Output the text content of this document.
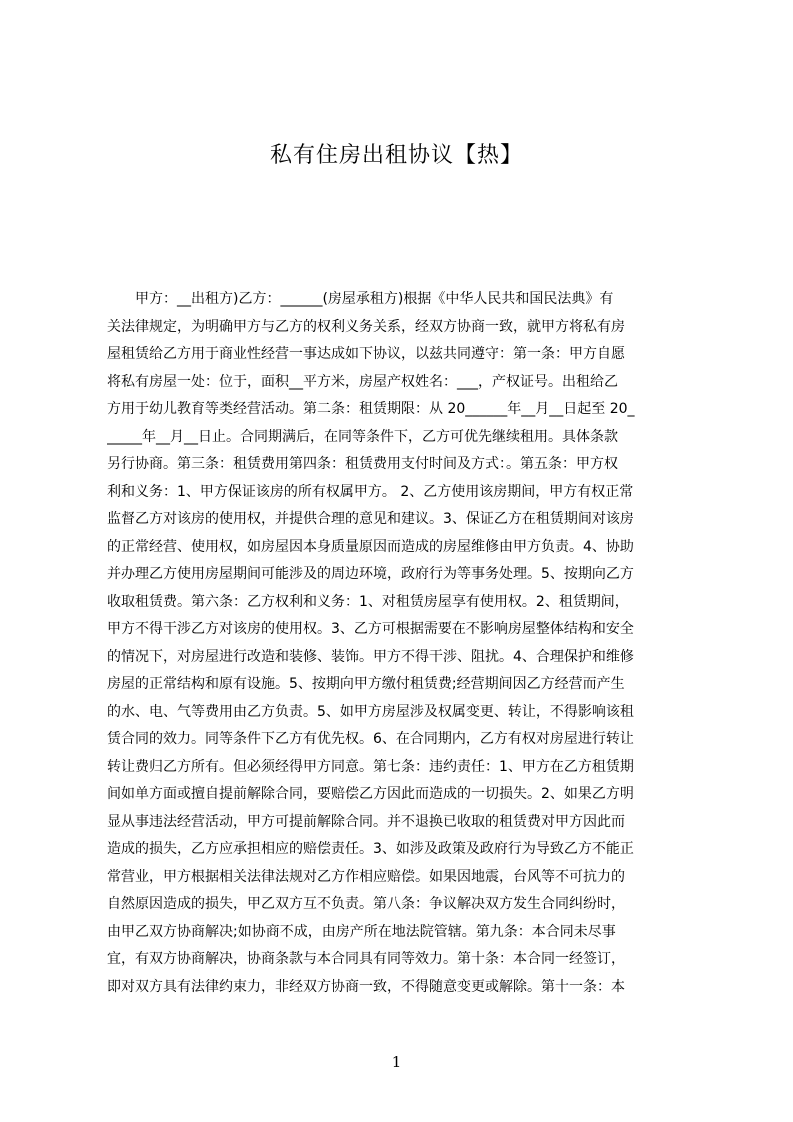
私有住房出租协议【热】
　　甲方：__出租方)乙方：______(房屋承租方)根据《中华人民共和国民法典》有
关法律规定，为明确甲方与乙方的权利义务关系，经双方协商一致，就甲方将私有房
屋租赁给乙方用于商业性经营一事达成如下协议，以兹共同遵守：第一条：甲方自愿
将私有房屋一处：位于，面积__平方米，房屋产权姓名：___，产权证号。出租给乙
方用于幼儿教育等类经营活动。第二条：租赁期限：从 20______年__月__日起至 20_
_____年__月__日止。合同期满后，在同等条件下，乙方可优先继续租用。具体条款
另行协商。第三条：租赁费用第四条：租赁费用支付时间及方式：。第五条：甲方权
利和义务：1、甲方保证该房的所有权属甲方。 2、乙方使用该房期间，甲方有权正常
监督乙方对该房的使用权，并提供合理的意见和建议。3、保证乙方在租赁期间对该房
的正常经营、使用权，如房屋因本身质量原因而造成的房屋维修由甲方负责。4、协助
并办理乙方使用房屋期间可能涉及的周边环境，政府行为等事务处理。5、按期向乙方
收取租赁费。第六条：乙方权利和义务：1、对租赁房屋享有使用权。2、租赁期间，
甲方不得干涉乙方对该房的使用权。3、乙方可根据需要在不影响房屋整体结构和安全
的情况下，对房屋进行改造和装修、装饰。甲方不得干涉、阻扰。4、合理保护和维修
房屋的正常结构和原有设施。5、按期向甲方缴付租赁费;经营期间因乙方经营而产生
的水、电、气等费用由乙方负责。5、如甲方房屋涉及权属变更、转让，不得影响该租
赁合同的效力。同等条件下乙方有优先权。6、在合同期内，乙方有权对房屋进行转让
转让费归乙方所有。但必须经得甲方同意。第七条：违约责任：1、甲方在乙方租赁期
间如单方面或擅自提前解除合同，要赔偿乙方因此而造成的一切损失。2、如果乙方明
显从事违法经营活动，甲方可提前解除合同。并不退换已收取的租赁费对甲方因此而
造成的损失，乙方应承担相应的赔偿责任。3、如涉及政策及政府行为导致乙方不能正
常营业，甲方根据相关法律法规对乙方作相应赔偿。如果因地震，台风等不可抗力的
自然原因造成的损失，甲乙双方互不负责。第八条：争议解决双方发生合同纠纷时，
由甲乙双方协商解决;如协商不成，由房产所在地法院管辖。第九条：本合同未尽事
宜，有双方协商解决，协商条款与本合同具有同等效力。第十条：本合同一经签订，
即对双方具有法律约束力，非经双方协商一致，不得随意变更或解除。第十一条：本
1
